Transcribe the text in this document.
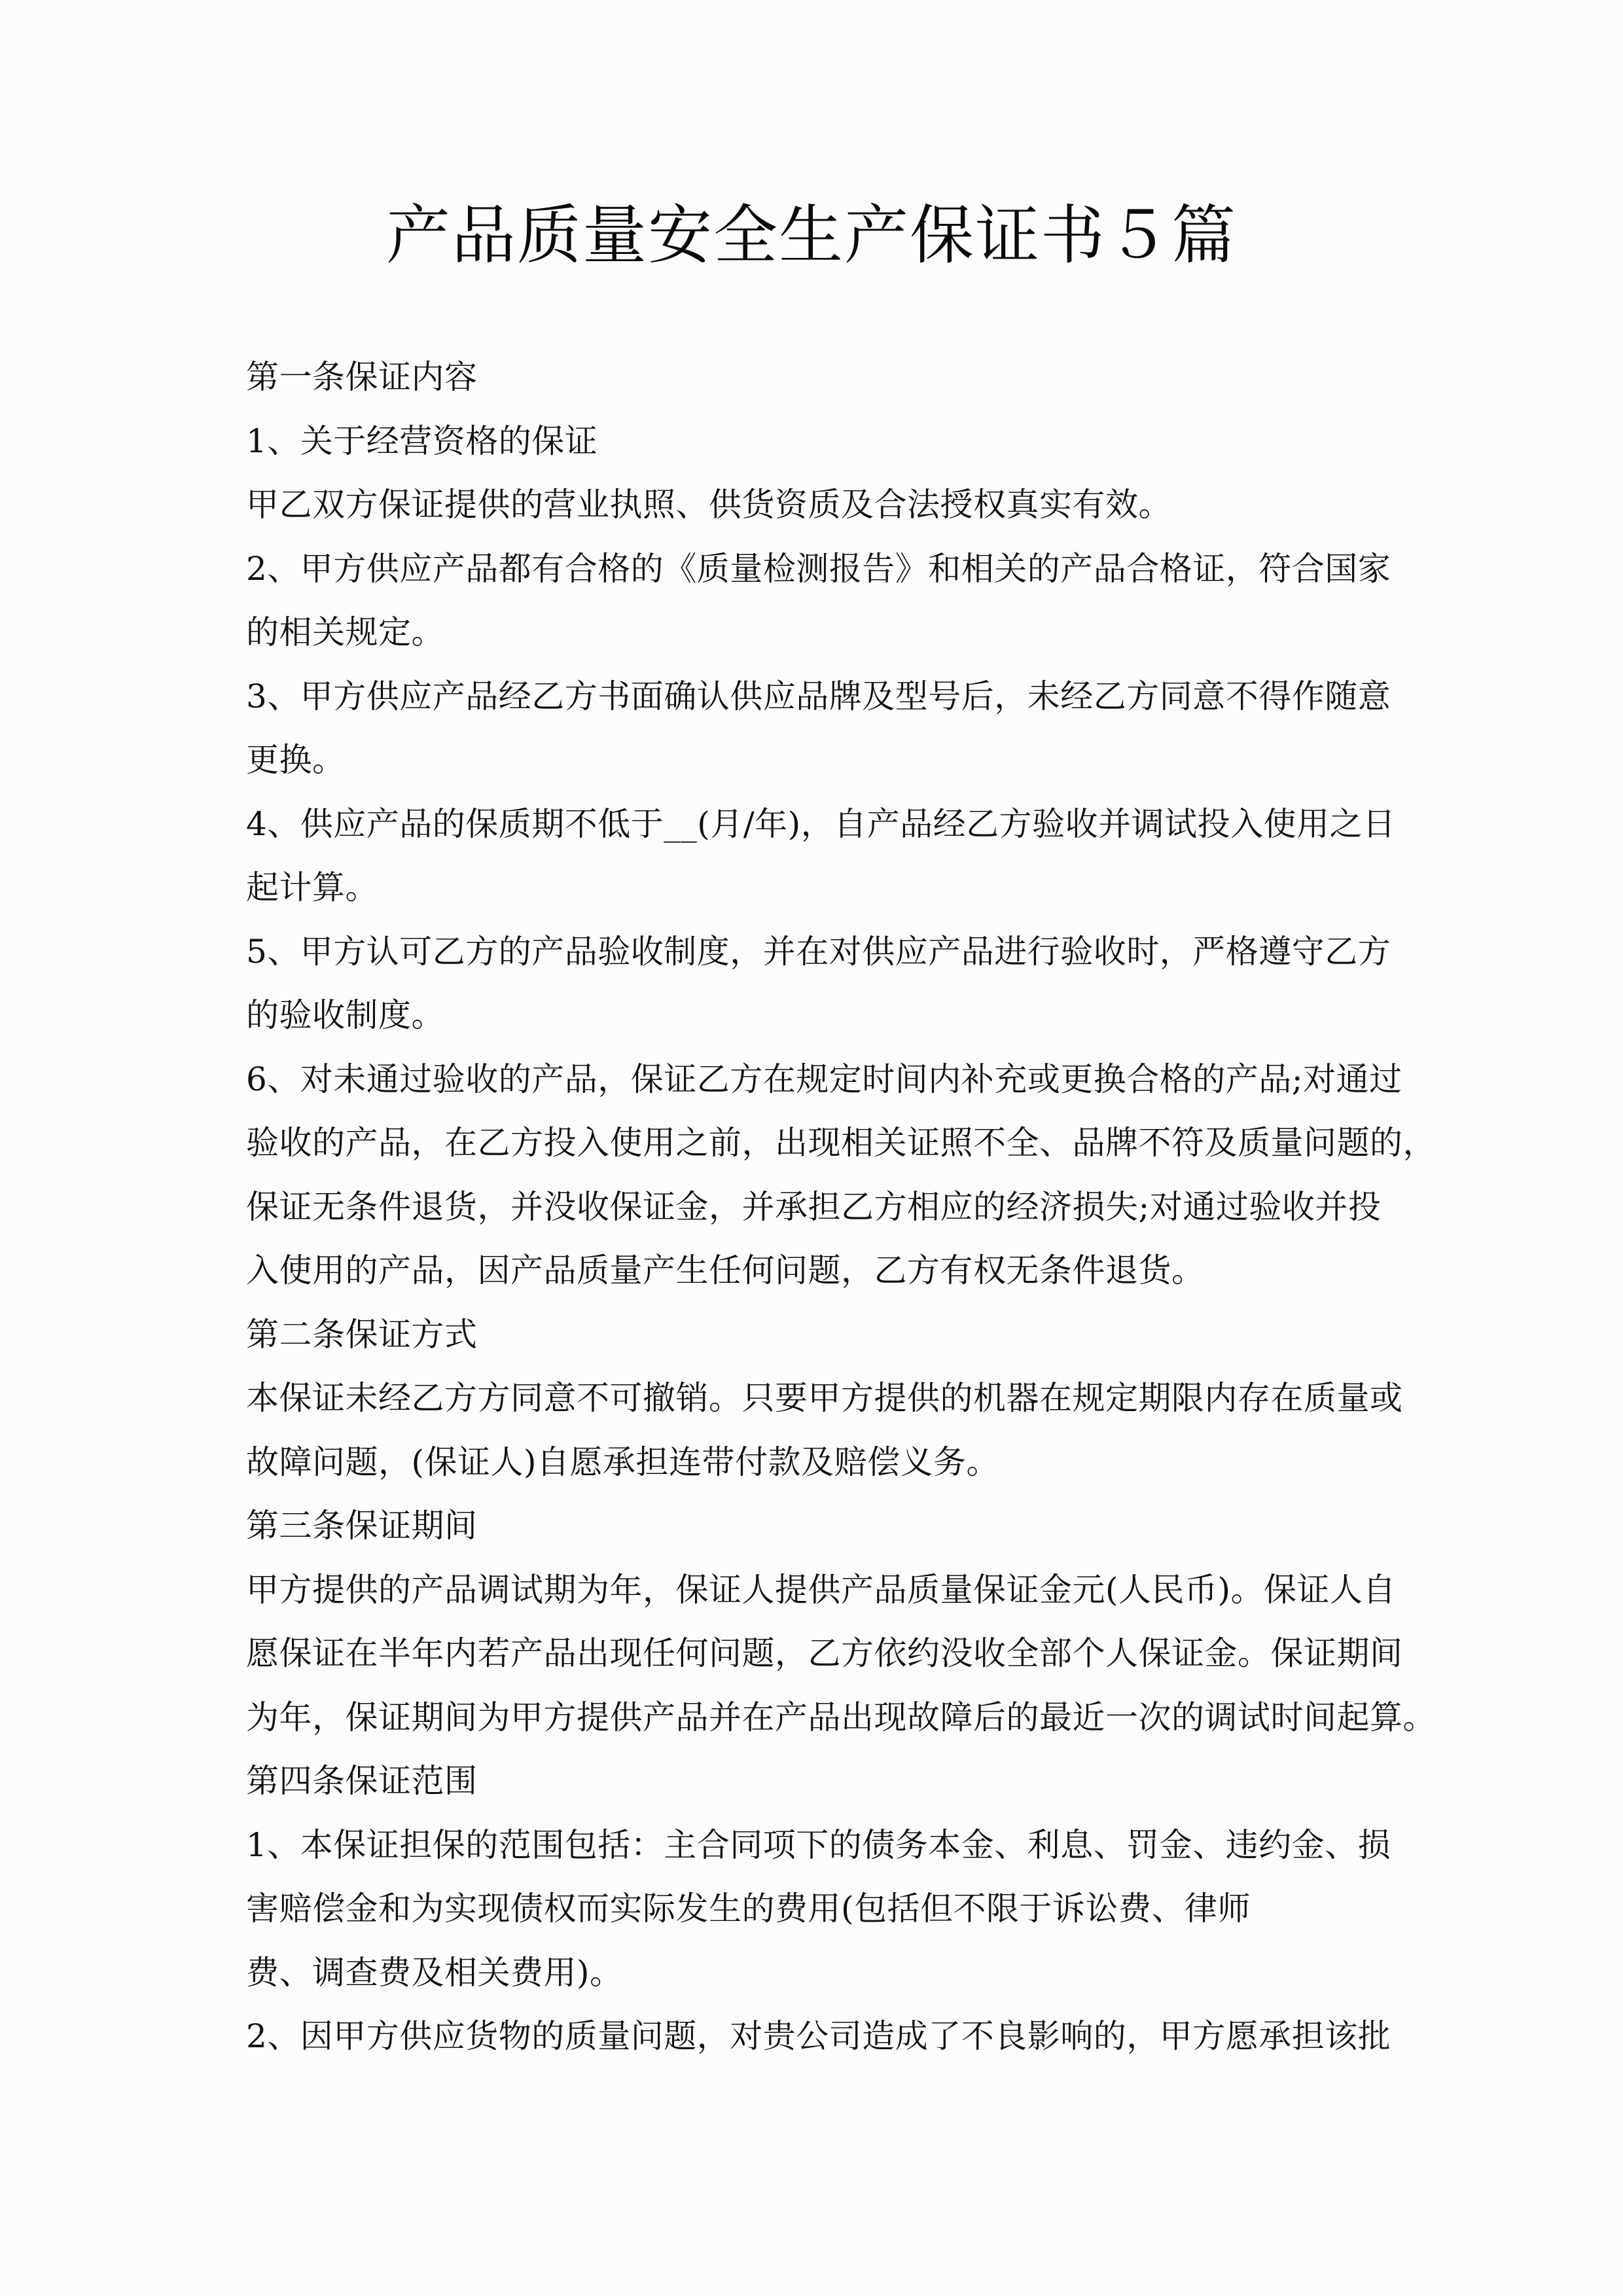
产品质量安全生产保证书５篇
第一条保证内容
1、关于经营资格的保证
甲乙双方保证提供的营业执照、供货资质及合法授权真实有效。
2、甲方供应产品都有合格的《质量检测报告》和相关的产品合格证，符合国家
的相关规定。
3、甲方供应产品经乙方书面确认供应品牌及型号后，未经乙方同意不得作随意
更换。
4、供应产品的保质期不低于__(月/年)，自产品经乙方验收并调试投入使用之日
起计算。
5、甲方认可乙方的产品验收制度，并在对供应产品进行验收时，严格遵守乙方
的验收制度。
6、对未通过验收的产品，保证乙方在规定时间内补充或更换合格的产品;对通过
验收的产品，在乙方投入使用之前，出现相关证照不全、品牌不符及质量问题的，
保证无条件退货，并没收保证金，并承担乙方相应的经济损失;对通过验收并投
入使用的产品，因产品质量产生任何问题，乙方有权无条件退货。
第二条保证方式
本保证未经乙方方同意不可撤销。只要甲方提供的机器在规定期限内存在质量或
故障问题，(保证人)自愿承担连带付款及赔偿义务。
第三条保证期间
甲方提供的产品调试期为年，保证人提供产品质量保证金元(人民币)。保证人自
愿保证在半年内若产品出现任何问题，乙方依约没收全部个人保证金。保证期间
为年，保证期间为甲方提供产品并在产品出现故障后的最近一次的调试时间起算。
第四条保证范围
1、本保证担保的范围包括：主合同项下的债务本金、利息、罚金、违约金、损
害赔偿金和为实现债权而实际发生的费用(包括但不限于诉讼费、律师
费、调查费及相关费用)。
2、因甲方供应货物的质量问题，对贵公司造成了不良影响的，甲方愿承担该批
